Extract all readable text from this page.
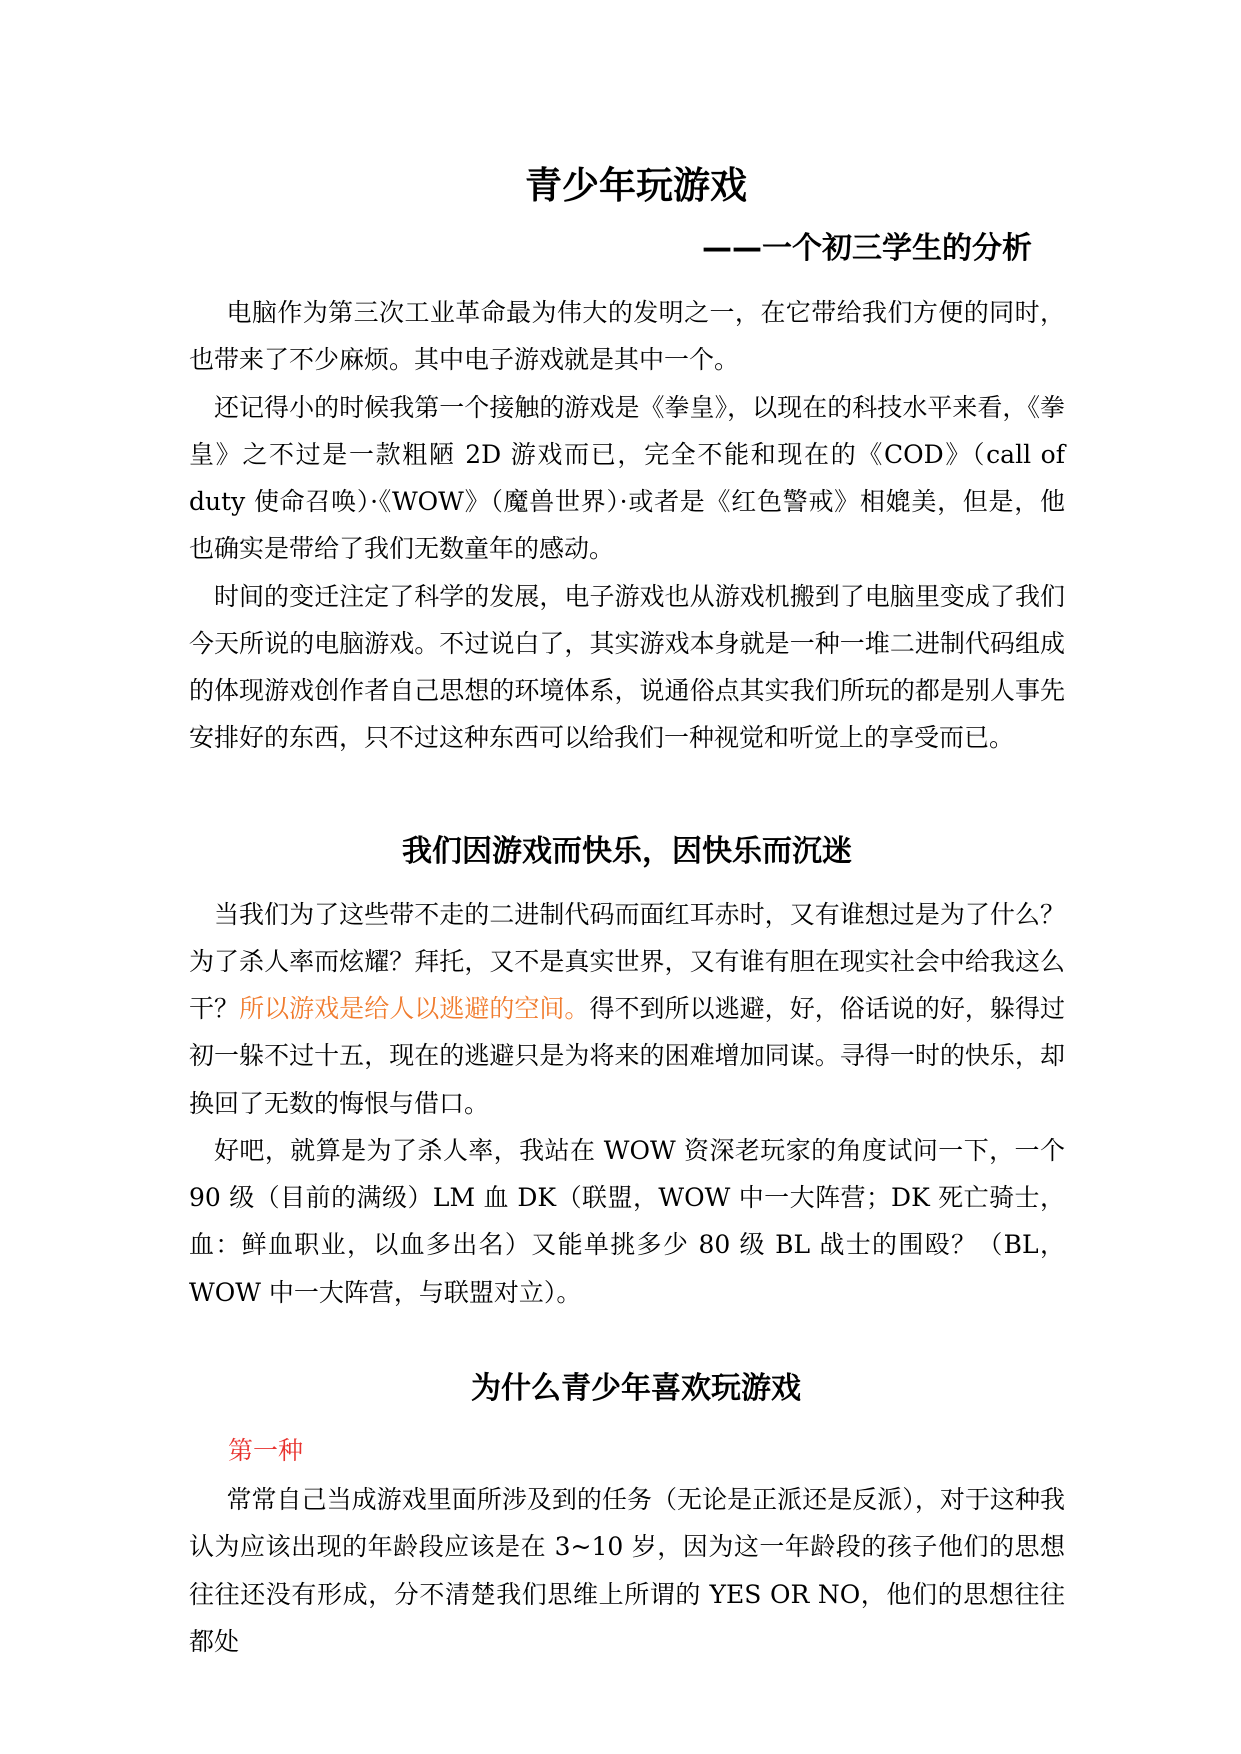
青少年玩游戏
——一个初三学生的分析

电脑作为第三次工业革命最为伟大的发明之一，在它带给我们方便的同时，也带来了不少麻烦。其中电子游戏就是其中一个。

还记得小的时候我第一个接触的游戏是《拳皇》，以现在的科技水平来看，《拳皇》之不过是一款粗陋 2D 游戏而已，完全不能和现在的《COD》（call of duty 使命召唤）·《WOW》（魔兽世界）·或者是《红色警戒》相媲美，但是，他也确实是带给了我们无数童年的感动。

时间的变迁注定了科学的发展，电子游戏也从游戏机搬到了电脑里变成了我们今天所说的电脑游戏。不过说白了，其实游戏本身就是一种一堆二进制代码组成的体现游戏创作者自己思想的环境体系，说通俗点其实我们所玩的都是别人事先安排好的东西，只不过这种东西可以给我们一种视觉和听觉上的享受而已。

我们因游戏而快乐，因快乐而沉迷

当我们为了这些带不走的二进制代码而面红耳赤时，又有谁想过是为了什么？为了杀人率而炫耀？拜托，又不是真实世界，又有谁有胆在现实社会中给我这么干？所以游戏是给人以逃避的空间。得不到所以逃避，好，俗话说的好，躲得过初一躲不过十五，现在的逃避只是为将来的困难增加同谋。寻得一时的快乐，却换回了无数的悔恨与借口。

好吧，就算是为了杀人率，我站在 WOW 资深老玩家的角度试问一下，一个 90 级（目前的满级）LM 血 DK（联盟，WOW 中一大阵营；DK 死亡骑士，血：鲜血职业，以血多出名）又能单挑多少 80 级 BL 战士的围殴？（BL，WOW 中一大阵营，与联盟对立）。

为什么青少年喜欢玩游戏
第一种

常常自己当成游戏里面所涉及到的任务（无论是正派还是反派），对于这种我认为应该出现的年龄段应该是在 3~10 岁，因为这一年龄段的孩子他们的思想往往还没有形成，分不清楚我们思维上所谓的 YES OR NO，他们的思想往往都处
